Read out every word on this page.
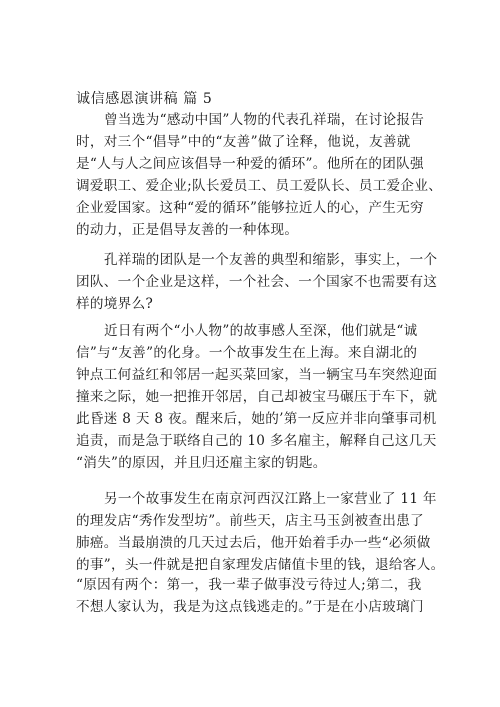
诚信感恩演讲稿 篇 5
曾当选为“感动中国”人物的代表孔祥瑞，在讨论报告
时，对三个“倡导”中的“友善”做了诠释，他说，友善就
是“人与人之间应该倡导一种爱的循环”。他所在的团队强
调爱职工、爱企业;队长爱员工、员工爱队长、员工爱企业、
企业爱国家。这种“爱的循环”能够拉近人的心，产生无穷
的动力，正是倡导友善的一种体现。
孔祥瑞的团队是一个友善的典型和缩影，事实上，一个
团队、一个企业是这样，一个社会、一个国家不也需要有这
样的境界么?
近日有两个“小人物”的故事感人至深，他们就是“诚
信”与“友善”的化身。一个故事发生在上海。来自湖北的
钟点工何益红和邻居一起买菜回家，当一辆宝马车突然迎面
撞来之际，她一把推开邻居，自己却被宝马碾压于车下，就
此昏迷 8 天 8 夜。醒来后，她的’第一反应并非向肇事司机
追责，而是急于联络自己的 10 多名雇主，解释自己这几天
“消失”的原因，并且归还雇主家的钥匙。
另一个故事发生在南京河西汉江路上一家营业了 11 年
的理发店“秀作发型坊”。前些天，店主马玉剑被查出患了
肺癌。当最崩溃的几天过去后，他开始着手办一些“必须做
的事”，头一件就是把自家理发店储值卡里的钱，退给客人。
“原因有两个：第一，我一辈子做事没亏待过人;第二，我
不想人家认为，我是为这点钱逃走的。”于是在小店玻璃门
